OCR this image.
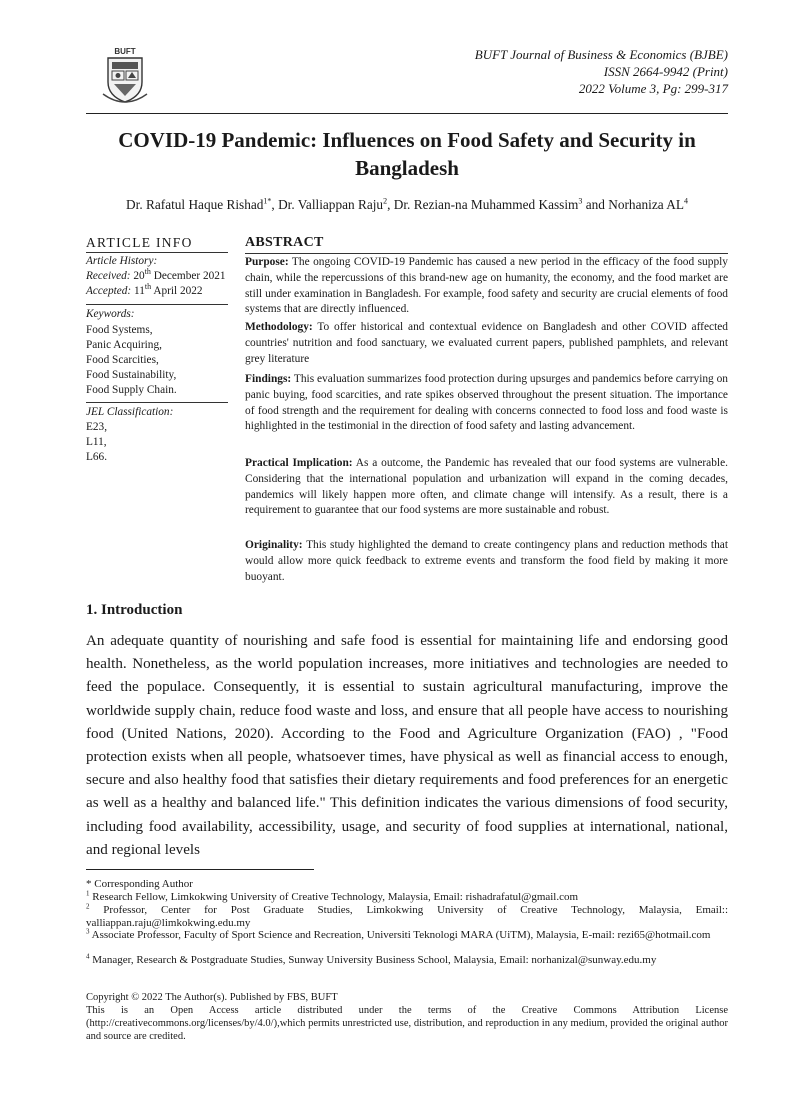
BUFT	BUFT Journal of Business & Economics (BJBE)
ISSN 2664-9942 (Print)
2022 Volume 3, Pg: 299-317
COVID-19 Pandemic: Influences on Food Safety and Security in Bangladesh
Dr. Rafatul Haque Rishad$^{1*}$, Dr. Valliappan Raju$^2$, Dr. Rezian-na Muhammed Kassim$^3$ and Norhaniza $AL^4$
ARTICLE INFO
Article History:
Received: 20th December 2021
Accepted: 11th April 2022
Keywords:
Food Systems,
Panic Acquiring,
Food Scarcities,
Food Sustainability,
Food Supply Chain.
JEL Classification:
E23,
L11,
L66.
ABSTRACT
Purpose: The ongoing COVID-19 Pandemic has caused a new period in the efficacy of the food supply chain, while the repercussions of this brand-new age on humanity, the economy, and the food market are still under examination in Bangladesh. For example, food safety and security are crucial elements of food systems that are directly influenced.
Methodology: To offer historical and contextual evidence on Bangladesh and other COVID affected countries' nutrition and food sanctuary, we evaluated current papers, published pamphlets, and relevant grey literature
Findings: This evaluation summarizes food protection during upsurges and pandemics before carrying on panic buying, food scarcities, and rate spikes observed throughout the present situation. The importance of food strength and the requirement for dealing with concerns connected to food loss and food waste is highlighted in the testimonial in the direction of food safety and lasting advancement.
Practical Implication: As a outcome, the Pandemic has revealed that our food systems are vulnerable. Considering that the international population and urbanization will expand in the coming decades, pandemics will likely happen more often, and climate change will intensify. As a result, there is a requirement to guarantee that our food systems are more sustainable and robust.
Originality: This study highlighted the demand to create contingency plans and reduction methods that would allow more quick feedback to extreme events and transform the food field by making it more buoyant.
1. Introduction
An adequate quantity of nourishing and safe food is essential for maintaining life and endorsing good health. Nonetheless, as the world population increases, more initiatives and technologies are needed to feed the populace. Consequently, it is essential to sustain agricultural manufacturing, improve the worldwide supply chain, reduce food waste and loss, and ensure that all people have access to nourishing food (United Nations, 2020). According to the Food and Agriculture Organization (FAO) , "Food protection exists when all people, whatsoever times, have physical as well as financial access to enough, secure and also healthy food that satisfies their dietary requirements and food preferences for an energetic as well as a healthy and balanced life." This definition indicates the various dimensions of food security, including food availability, accessibility, usage, and security of food supplies at international, national, and regional levels
* Corresponding Author
$^1$ Research Fellow, Limkokwing University of Creative Technology, Malaysia, Email: rishadrafatul@gmail.com
$^2$ Professor, Center for Post Graduate Studies, Limkokwing University of Creative Technology, Malaysia, Email:: valliappan.raju@limkokwing.edu.my
$^3$ Associate Professor, Faculty of Sport Science and Recreation, Universiti Teknologi MARA (UiTM), Malaysia, E-mail: rezi65@hotmail.com
$^4$ Manager, Research & Postgraduate Studies, Sunway University Business School, Malaysia, Email: norhanizal@sunway.edu.my
Copyright © 2022 The Author(s). Published by FBS, BUFT
This is an Open Access article distributed under the terms of the Creative Commons Attribution License (http://creativecommons.org/licenses/by/4.0/),which permits unrestricted use, distribution, and reproduction in any medium, provided the original author and source are credited.
